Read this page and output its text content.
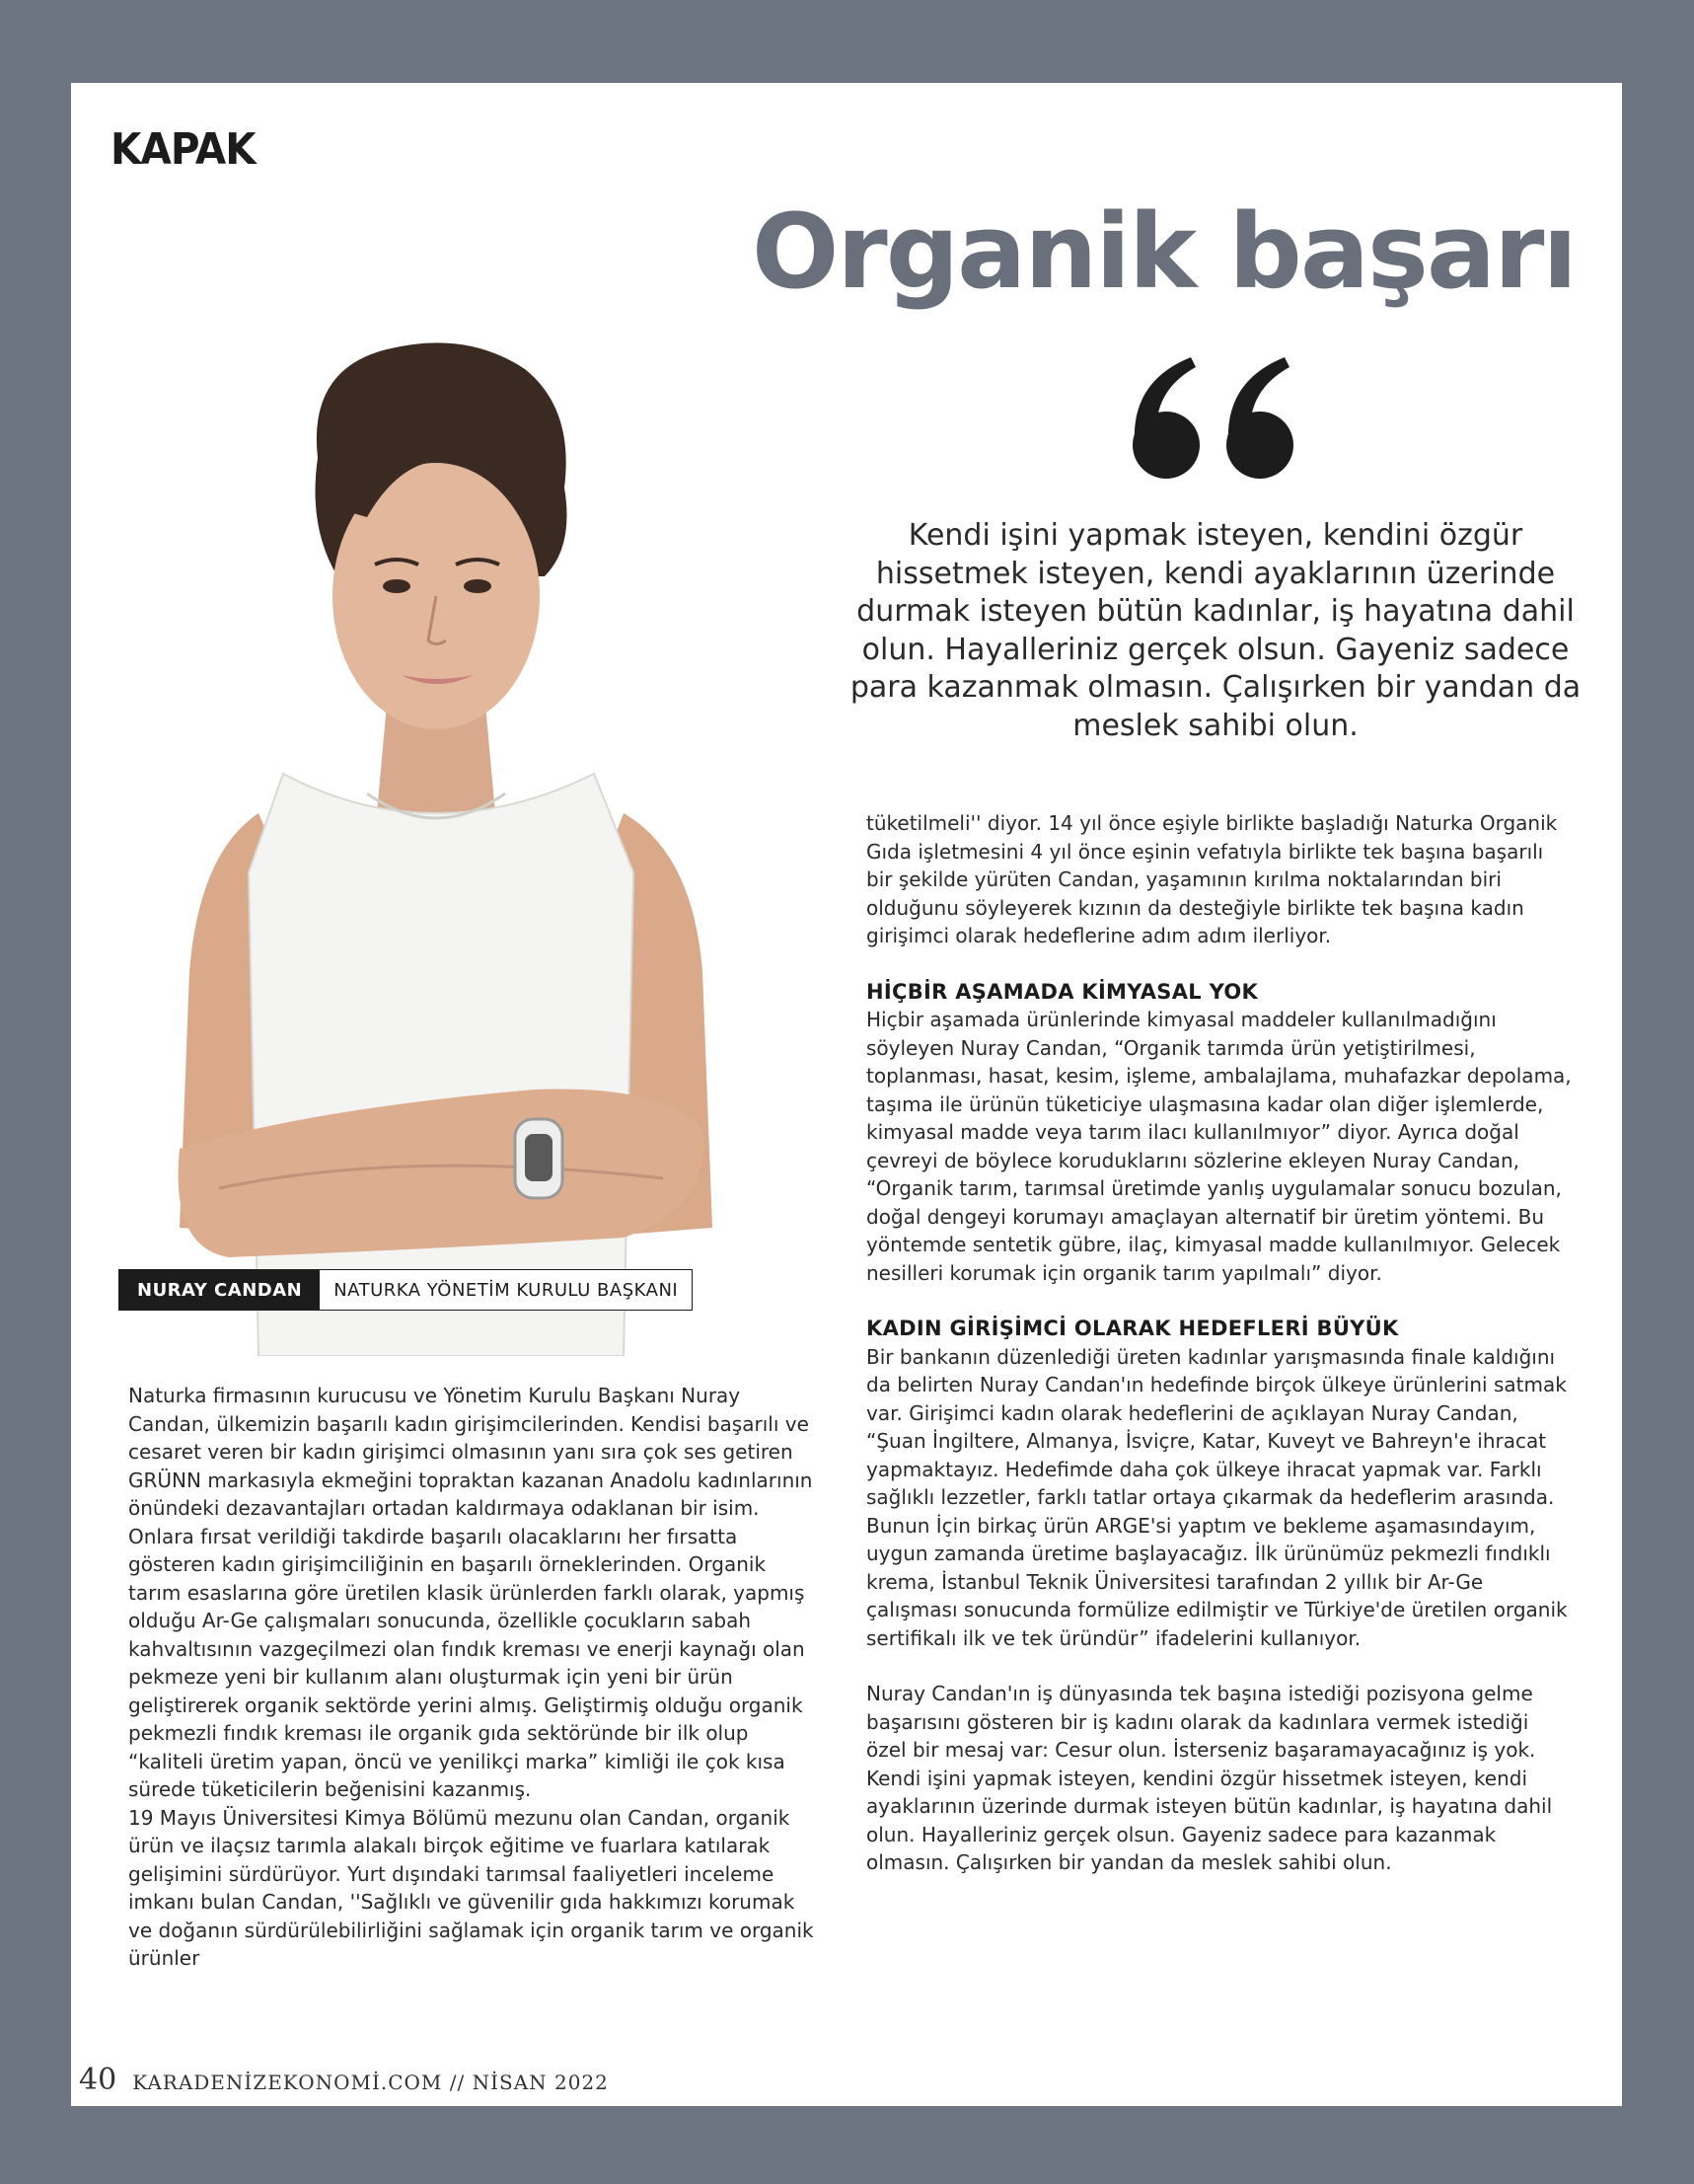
KAPAK
Organik başarı
NURAY CANDAN	NATURKA YÖNETİM KURULU BAŞKANI
Kendi işini yapmak isteyen, kendini özgür hissetmek isteyen, kendi ayaklarının üzerinde durmak isteyen bütün kadınlar, iş hayatına dahil olun. Hayalleriniz gerçek olsun. Gayeniz sadece para kazanmak olmasın. Çalışırken bir yandan da meslek sahibi olun.

Naturka firmasının kurucusu ve Yönetim Kurulu Başkanı Nuray Candan, ülkemizin başarılı kadın girişimcilerinden. Kendisi başarılı ve cesaret veren bir kadın girişimci olmasının yanı sıra çok ses getiren GRÜNN markasıyla ekmeğini topraktan kazanan Anadolu kadınlarının önündeki dezavantajları ortadan kaldırmaya odaklanan bir isim. Onlara fırsat verildiği takdirde başarılı olacaklarını her fırsatta gösteren kadın girişimciliğinin en başarılı örneklerinden. Organik tarım esaslarına göre üretilen klasik ürünlerden farklı olarak, yapmış olduğu Ar-Ge çalışmaları sonucunda, özellikle çocukların sabah kahvaltısının vazgeçilmezi olan fındık kreması ve enerji kaynağı olan pekmeze yeni bir kullanım alanı oluşturmak için yeni bir ürün geliştirerek organik sektörde yerini almış. Geliştirmiş olduğu organik pekmezli fındık kreması ile organik gıda sektöründe bir ilk olup “kaliteli üretim yapan, öncü ve yenilikçi marka” kimliği ile çok kısa sürede tüketicilerin beğenisini kazanmış.

19 Mayıs Üniversitesi Kimya Bölümü mezunu olan Candan, organik ürün ve ilaçsız tarımla alakalı birçok eğitime ve fuarlara katılarak gelişimini sürdürüyor. Yurt dışındaki tarımsal faaliyetleri inceleme imkanı bulan Candan, ''Sağlıklı ve güvenilir gıda hakkımızı korumak ve doğanın sürdürülebilirliğini sağlamak için organik tarım ve organik ürünler

tüketilmeli'' diyor. 14 yıl önce eşiyle birlikte başladığı Naturka Organik Gıda işletmesini 4 yıl önce eşinin vefatıyla birlikte tek başına başarılı bir şekilde yürüten Candan, yaşamının kırılma noktalarından biri olduğunu söyleyerek kızının da desteğiyle birlikte tek başına kadın girişimci olarak hedeflerine adım adım ilerliyor.

HİÇBİR AŞAMADA KİMYASAL YOK

Hiçbir aşamada ürünlerinde kimyasal maddeler kullanılmadığını söyleyen Nuray Candan, “Organik tarımda ürün yetiştirilmesi, toplanması, hasat, kesim, işleme, ambalajlama, muhafazkar depolama, taşıma ile ürünün tüketiciye ulaşmasına kadar olan diğer işlemlerde, kimyasal madde veya tarım ilacı kullanılmıyor” diyor. Ayrıca doğal çevreyi de böylece koruduklarını sözlerine ekleyen Nuray Candan, “Organik tarım, tarımsal üretimde yanlış uygulamalar sonucu bozulan, doğal dengeyi korumayı amaçlayan alternatif bir üretim yöntemi. Bu yöntemde sentetik gübre, ilaç, kimyasal madde kullanılmıyor. Gelecek nesilleri korumak için organik tarım yapılmalı” diyor.

KADIN GİRİŞİMCİ OLARAK HEDEFLERİ BÜYÜK

Bir bankanın düzenlediği üreten kadınlar yarışmasında finale kaldığını da belirten Nuray Candan'ın hedefinde birçok ülkeye ürünlerini satmak var. Girişimci kadın olarak hedeflerini de açıklayan Nuray Candan, “Şuan İngiltere, Almanya, İsviçre, Katar, Kuveyt ve Bahreyn'e ihracat yapmaktayız. Hedefimde daha çok ülkeye ihracat yapmak var. Farklı sağlıklı lezzetler, farklı tatlar ortaya çıkarmak da hedeflerim arasında. Bunun İçin birkaç ürün ARGE'si yaptım ve bekleme aşamasındayım, uygun zamanda üretime başlayacağız. İlk ürünümüz pekmezli fındıklı krema, İstanbul Teknik Üniversitesi tarafından 2 yıllık bir Ar-Ge çalışması sonucunda formülize edilmiştir ve Türkiye'de üretilen organik sertifikalı ilk ve tek üründür” ifadelerini kullanıyor.

Nuray Candan'ın iş dünyasında tek başına istediği pozisyona gelme başarısını gösteren bir iş kadını olarak da kadınlara vermek istediği özel bir mesaj var: Cesur olun. İsterseniz başaramayacağınız iş yok. Kendi işini yapmak isteyen, kendini özgür hissetmek isteyen, kendi ayaklarının üzerinde durmak isteyen bütün kadınlar, iş hayatına dahil olun. Hayalleriniz gerçek olsun. Gayeniz sadece para kazanmak olmasın. Çalışırken bir yandan da meslek sahibi olun.

40 KARADENİZEKONOMİ.COM // NİSAN 2022
